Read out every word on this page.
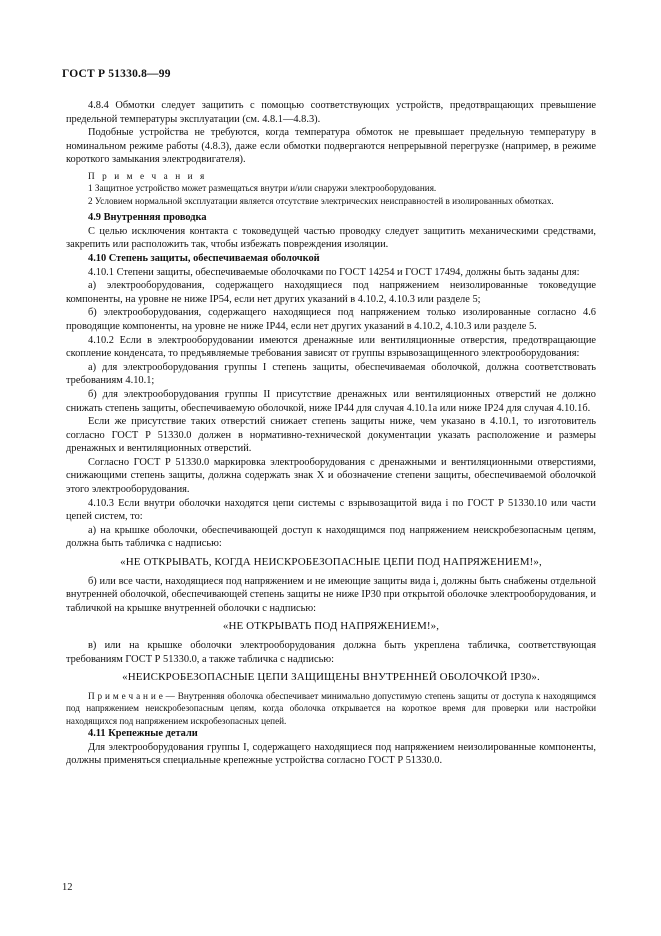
ГОСТ Р 51330.8—99

4.8.4 Обмотки следует защитить с помощью соответствующих устройств, предотвращающих превышение предельной температуры эксплуатации (см. 4.8.1—4.8.3).

Подобные устройства не требуются, когда температура обмоток не превышает предельную температуру в номинальном режиме работы (4.8.3), даже если обмотки подвергаются непрерывной перегрузке (например, в режиме короткого замыкания электродвигателя).

П р и м е ч а н и я

1 Защитное устройство может размещаться внутри и/или снаружи электрооборудования.

2 Условием нормальной эксплуатации является отсутствие электрических неисправностей в изолированных обмотках.

4.9 Внутренняя проводка

С целью исключения контакта с токоведущей частью проводку следует защитить механическими средствами, закрепить или расположить так, чтобы избежать повреждения изоляции.

4.10 Степень защиты, обеспечиваемая оболочкой

4.10.1 Степени защиты, обеспечиваемые оболочками по ГОСТ 14254 и ГОСТ 17494, должны быть заданы для:

а) электрооборудования, содержащего находящиеся под напряжением неизолированные токоведущие компоненты, на уровне не ниже IP54, если нет других указаний в 4.10.2, 4.10.3 или разделе 5;

б) электрооборудования, содержащего находящиеся под напряжением только изолированные согласно 4.6 проводящие компоненты, на уровне не ниже IP44, если нет других указаний в 4.10.2, 4.10.3 или разделе 5.

4.10.2 Если в электрооборудовании имеются дренажные или вентиляционные отверстия, предотвращающие скопление конденсата, то предъявляемые требования зависят от группы взрывозащищенного электрооборудования:

а) для электрооборудования группы I степень защиты, обеспечиваемая оболочкой, должна соответствовать требованиям 4.10.1;

б) для электрооборудования группы II присутствие дренажных или вентиляционных отверстий не должно снижать степень защиты, обеспечиваемую оболочкой, ниже IP44 для случая 4.10.1а или ниже IP24 для случая 4.10.1б.

Если же присутствие таких отверстий снижает степень защиты ниже, чем указано в 4.10.1, то изготовитель согласно ГОСТ Р 51330.0 должен в нормативно-технической документации указать расположение и размеры дренажных и вентиляционных отверстий.

Согласно ГОСТ Р 51330.0 маркировка электрооборудования с дренажными и вентиляционными отверстиями, снижающими степень защиты, должна содержать знак X и обозначение степени защиты, обеспечиваемой оболочкой этого электрооборудования.

4.10.3 Если внутри оболочки находятся цепи системы с взрывозащитой вида i по ГОСТ Р 51330.10 или части цепей систем, то:

а) на крышке оболочки, обеспечивающей доступ к находящимся под напряжением неискробезопасным цепям, должна быть табличка с надписью:

«НЕ ОТКРЫВАТЬ, КОГДА НЕИСКРОБЕЗОПАСНЫЕ ЦЕПИ ПОД НАПРЯЖЕНИЕМ!»,

б) или все части, находящиеся под напряжением и не имеющие защиты вида i, должны быть снабжены отдельной внутренней оболочкой, обеспечивающей степень защиты не ниже IP30 при открытой оболочке электрооборудования, и табличкой на крышке внутренней оболочки с надписью:

«НЕ ОТКРЫВАТЬ ПОД НАПРЯЖЕНИЕМ!»,

в) или на крышке оболочки электрооборудования должна быть укреплена табличка, соответствующая требованиям ГОСТ Р 51330.0, а также табличка с надписью:

«НЕИСКРОБЕЗОПАСНЫЕ ЦЕПИ ЗАЩИЩЕНЫ ВНУТРЕННЕЙ ОБОЛОЧКОЙ IP30».

П р и м е ч а н и е — Внутренняя оболочка обеспечивает минимально допустимую степень защиты от доступа к находящимся под напряжением неискробезопасным цепям, когда оболочка открывается на короткое время для проверки или настройки находящихся под напряжением искробезопасных цепей.

4.11 Крепежные детали

Для электрооборудования группы I, содержащего находящиеся под напряжением неизолированные компоненты, должны применяться специальные крепежные устройства согласно ГОСТ Р 51330.0.

12
